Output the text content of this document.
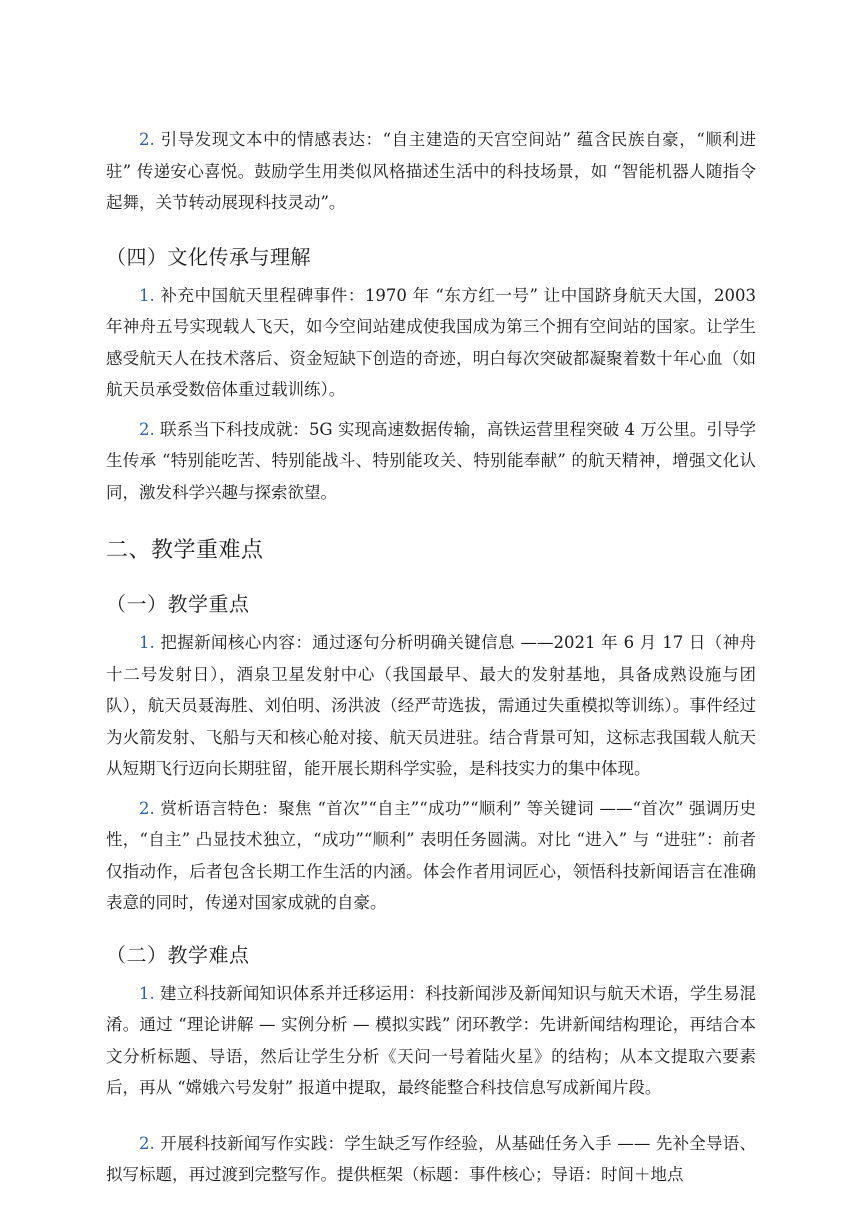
2. 引导发现文本中的情感表达：“自主建造的天宫空间站” 蕴含民族自豪，“顺利进驻” 传递安心喜悦。鼓励学生用类似风格描述生活中的科技场景，如 “智能机器人随指令起舞，关节转动展现科技灵动”。

（四）文化传承与理解

1. 补充中国航天里程碑事件：1970 年 “东方红一号” 让中国跻身航天大国，2003 年神舟五号实现载人飞天，如今空间站建成使我国成为第三个拥有空间站的国家。让学生感受航天人在技术落后、资金短缺下创造的奇迹，明白每次突破都凝聚着数十年心血（如航天员承受数倍体重过载训练）。

2. 联系当下科技成就：5G 实现高速数据传输，高铁运营里程突破 4 万公里。引导学生传承 “特别能吃苦、特别能战斗、特别能攻关、特别能奉献” 的航天精神，增强文化认同，激发科学兴趣与探索欲望。

二、教学重难点
（一）教学重点

1. 把握新闻核心内容：通过逐句分析明确关键信息 ——2021 年 6 月 17 日（神舟十二号发射日），酒泉卫星发射中心（我国最早、最大的发射基地，具备成熟设施与团队），航天员聂海胜、刘伯明、汤洪波（经严苛选拔，需通过失重模拟等训练）。事件经过为火箭发射、飞船与天和核心舱对接、航天员进驻。结合背景可知，这标志我国载人航天从短期飞行迈向长期驻留，能开展长期科学实验，是科技实力的集中体现。

2. 赏析语言特色：聚焦 “首次”“自主”“成功”“顺利” 等关键词 ——“首次” 强调历史性，“自主” 凸显技术独立，“成功”“顺利” 表明任务圆满。对比 “进入” 与 “进驻”：前者仅指动作，后者包含长期工作生活的内涵。体会作者用词匠心，领悟科技新闻语言在准确表意的同时，传递对国家成就的自豪。

（二）教学难点

1. 建立科技新闻知识体系并迁移运用：科技新闻涉及新闻知识与航天术语，学生易混淆。通过 “理论讲解 — 实例分析 — 模拟实践” 闭环教学：先讲新闻结构理论，再结合本文分析标题、导语，然后让学生分析《天问一号着陆火星》的结构；从本文提取六要素后，再从 “嫦娥六号发射” 报道中提取，最终能整合科技信息写成新闻片段。

2. 开展科技新闻写作实践：学生缺乏写作经验，从基础任务入手 —— 先补全导语、拟写标题，再过渡到完整写作。提供框架（标题：事件核心；导语：时间＋地点
